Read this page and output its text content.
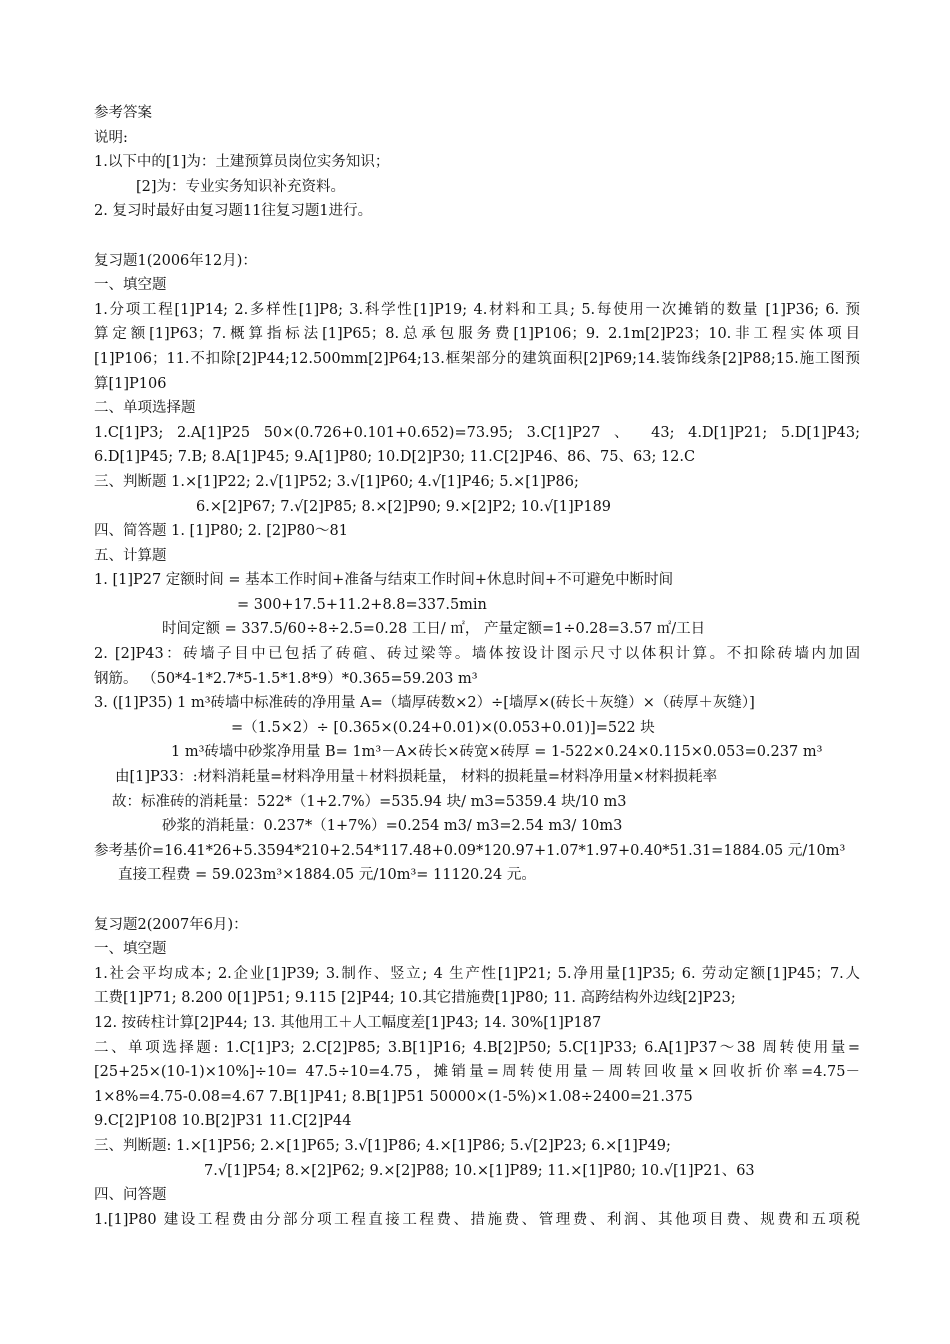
参考答案
说明:
1.以下中的[1]为：土建预算员岗位实务知识；
[2]为：专业实务知识补充资料。
2. 复习时最好由复习题11往复习题1进行。
复习题1(2006年12月)：
一、填空题
1.分项工程[1]P14; 2.多样性[1]P8; 3.科学性[1]P19; 4.材料和工具; 5.每使用一次摊销的数量 [1]P36; 6. 预
算定额[1]P63；7.概算指标法[1]P65；8.总承包服务费[1]P106；9. 2.1m[2]P23；10.非工程实体项目
[1]P106；11.不扣除[2]P44;12.500mm[2]P64;13.框架部分的建筑面积[2]P69;14.装饰线条[2]P88;15.施工图预
算[1]P106
二、单项选择题
1.C[1]P3; 2.A[1]P25 50×(0.726+0.101+0.652)=73.95; 3.C[1]P27 、 43; 4.D[1]P21; 5.D[1]P43;
6.D[1]P45; 7.B; 8.A[1]P45; 9.A[1]P80; 10.D[2]P30; 11.C[2]P46、86、75、63; 12.C
三、判断题 1.×[1]P22; 2.√[1]P52; 3.√[1]P60; 4.√[1]P46; 5.×[1]P86;
6.×[2]P67; 7.√[2]P85; 8.×[2]P90; 9.×[2]P2; 10.√[1]P189
四、简答题 1. [1]P80; 2. [2]P80～81
五、计算题
1. [1]P27 定额时间 = 基本工作时间+准备与结束工作时间+休息时间+不可避免中断时间
= 300+17.5+11.2+8.8=337.5min
时间定额 = 337.5/60÷8÷2.5=0.28 工日/ ㎡， 产量定额=1÷0.28=3.57 ㎡/工日
2. [2]P43：砖墙子目中已包括了砖碹、砖过梁等。墙体按设计图示尺寸以体积计算。不扣除砖墙内加固
钢筋。 （50*4-1*2.7*5-1.5*1.8*9）*0.365=59.203 m³
3. ([1]P35) 1 m³砖墙中标准砖的净用量 A=（墙厚砖数×2）÷[墙厚×(砖长＋灰缝）×（砖厚＋灰缝）]
=（1.5×2）÷ [0.365×(0.24+0.01)×(0.053+0.01)]=522 块
1 m³砖墙中砂浆净用量 B= 1m³－A×砖长×砖宽×砖厚 = 1-522×0.24×0.115×0.053=0.237 m³
由[1]P33：:材料消耗量=材料净用量＋材料损耗量， 材料的损耗量=材料净用量×材料损耗率
故：标准砖的消耗量：522*（1+2.7%）=535.94 块/ m3=5359.4 块/10 m3
砂浆的消耗量：0.237*（1+7%）=0.254 m3/ m3=2.54 m3/ 10m3
参考基价=16.41*26+5.3594*210+2.54*117.48+0.09*120.97+1.07*1.97+0.40*51.31=1884.05 元/10m³
直接工程费 = 59.023m³×1884.05 元/10m³= 11120.24 元。
复习题2(2007年6月)：
一、填空题
1.社会平均成本; 2.企业[1]P39; 3.制作、竖立; 4 生产性[1]P21; 5.净用量[1]P35; 6. 劳动定额[1]P45；7.人
工费[1]P71; 8.200 0[1]P51; 9.115 [2]P44; 10.其它措施费[1]P80; 11. 高跨结构外边线[2]P23;
12. 按砖柱计算[2]P44; 13. 其他用工＋人工幅度差[1]P43; 14. 30%[1]P187
二、单项选择题: 1.C[1]P3; 2.C[2]P85; 3.B[1]P16; 4.B[2]P50; 5.C[1]P33; 6.A[1]P37～38 周转使用量=
[25+25×(10-1)×10%]÷10= 47.5÷10=4.75，摊销量=周转使用量－周转回收量×回收折价率=4.75－
1×8%=4.75-0.08=4.67 7.B[1]P41; 8.B[1]P51 50000×(1-5%)×1.08÷2400=21.375
9.C[2]P108 10.B[2]P31 11.C[2]P44
三、判断题: 1.×[1]P56; 2.×[1]P65; 3.√[1]P86; 4.×[1]P86; 5.√[2]P23; 6.×[1]P49;
7.√[1]P54; 8.×[2]P62; 9.×[2]P88; 10.×[1]P89; 11.×[1]P80; 10.√[1]P21、63
四、问答题
1.[1]P80 建设工程费由分部分项工程直接工程费、措施费、管理费、利润、其他项目费、规费和五项税
